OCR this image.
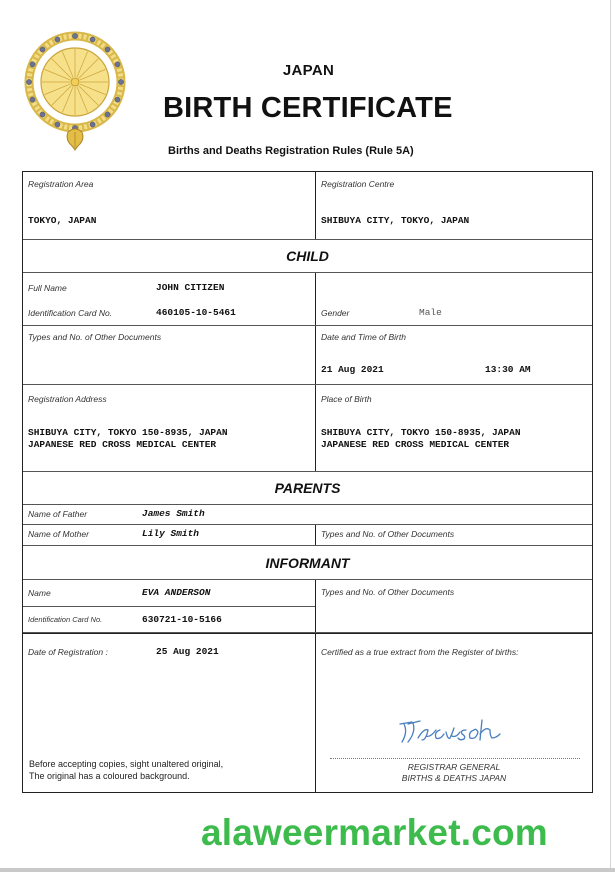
JAPAN
BIRTH CERTIFICATE
Births and Deaths Registration Rules (Rule 5A)
Registration Area
TOKYO, JAPAN
Registration Centre
SHIBUYA CITY, TOKYO, JAPAN
CHILD
Full Name	JOHN CITIZEN
Identification Card No.	460105-10-5461	Gender	Male
Types and No. of Other Documents	Date and Time of Birth
21 Aug 2021	13:30 AM
Registration Address
SHIBUYA CITY, TOKYO 150-8935, JAPAN
JAPANESE RED CROSS MEDICAL CENTER
Place of Birth
SHIBUYA CITY, TOKYO 150-8935, JAPAN
JAPANESE RED CROSS MEDICAL CENTER
PARENTS
Name of Father	James Smith
Name of Mother	Lily Smith	Types and No. of Other Documents
INFORMANT
Name	EVA ANDERSON
Identification Card No.	630721-10-5166
Types and No. of Other Documents
Date of Registration :	25 Aug 2021
Before accepting copies, sight unaltered original,
The original has a coloured background.
Certified as a true extract from the Register of births:
REGISTRAR GENERAL
BIRTHS & DEATHS JAPAN
alaweermarket.com
